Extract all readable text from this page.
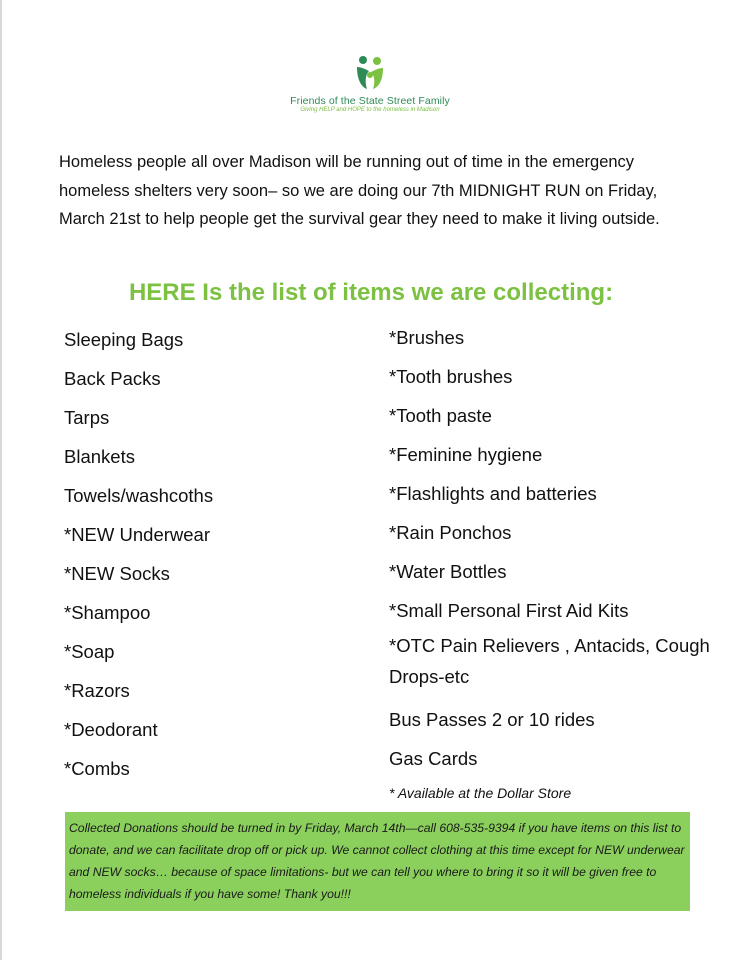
Friends of the State Street Family
Giving HELP and HOPE to the homeless in Madison

Homeless people all over Madison will be running out of time in the emergency homeless shelters very soon– so we are doing our 7th MIDNIGHT RUN on Friday, March 21st to help people get the survival gear they need to make it living outside.

HERE Is the list of items we are collecting:
Sleeping Bags
Back Packs
Tarps
Blankets
Towels/washcoths
*NEW Underwear
*NEW Socks
*Shampoo
*Soap
*Razors
*Deodorant
*Combs
*Brushes
*Tooth brushes
*Tooth paste
*Feminine hygiene
*Flashlights and batteries
*Rain Ponchos
*Water Bottles
*Small Personal First Aid Kits
*OTC Pain Relievers , Antacids, Cough Drops-etc
Bus Passes 2 or 10 rides
Gas Cards

* Available at the Dollar Store

Collected Donations should be turned in by Friday, March 14th—call 608-535-9394 if you have items on this list to donate, and we can facilitate drop off or pick up. We cannot collect clothing at this time except for NEW underwear and NEW socks… because of space limitations- but we can tell you where to bring it so it will be given free to homeless individuals if you have some! Thank you!!!
